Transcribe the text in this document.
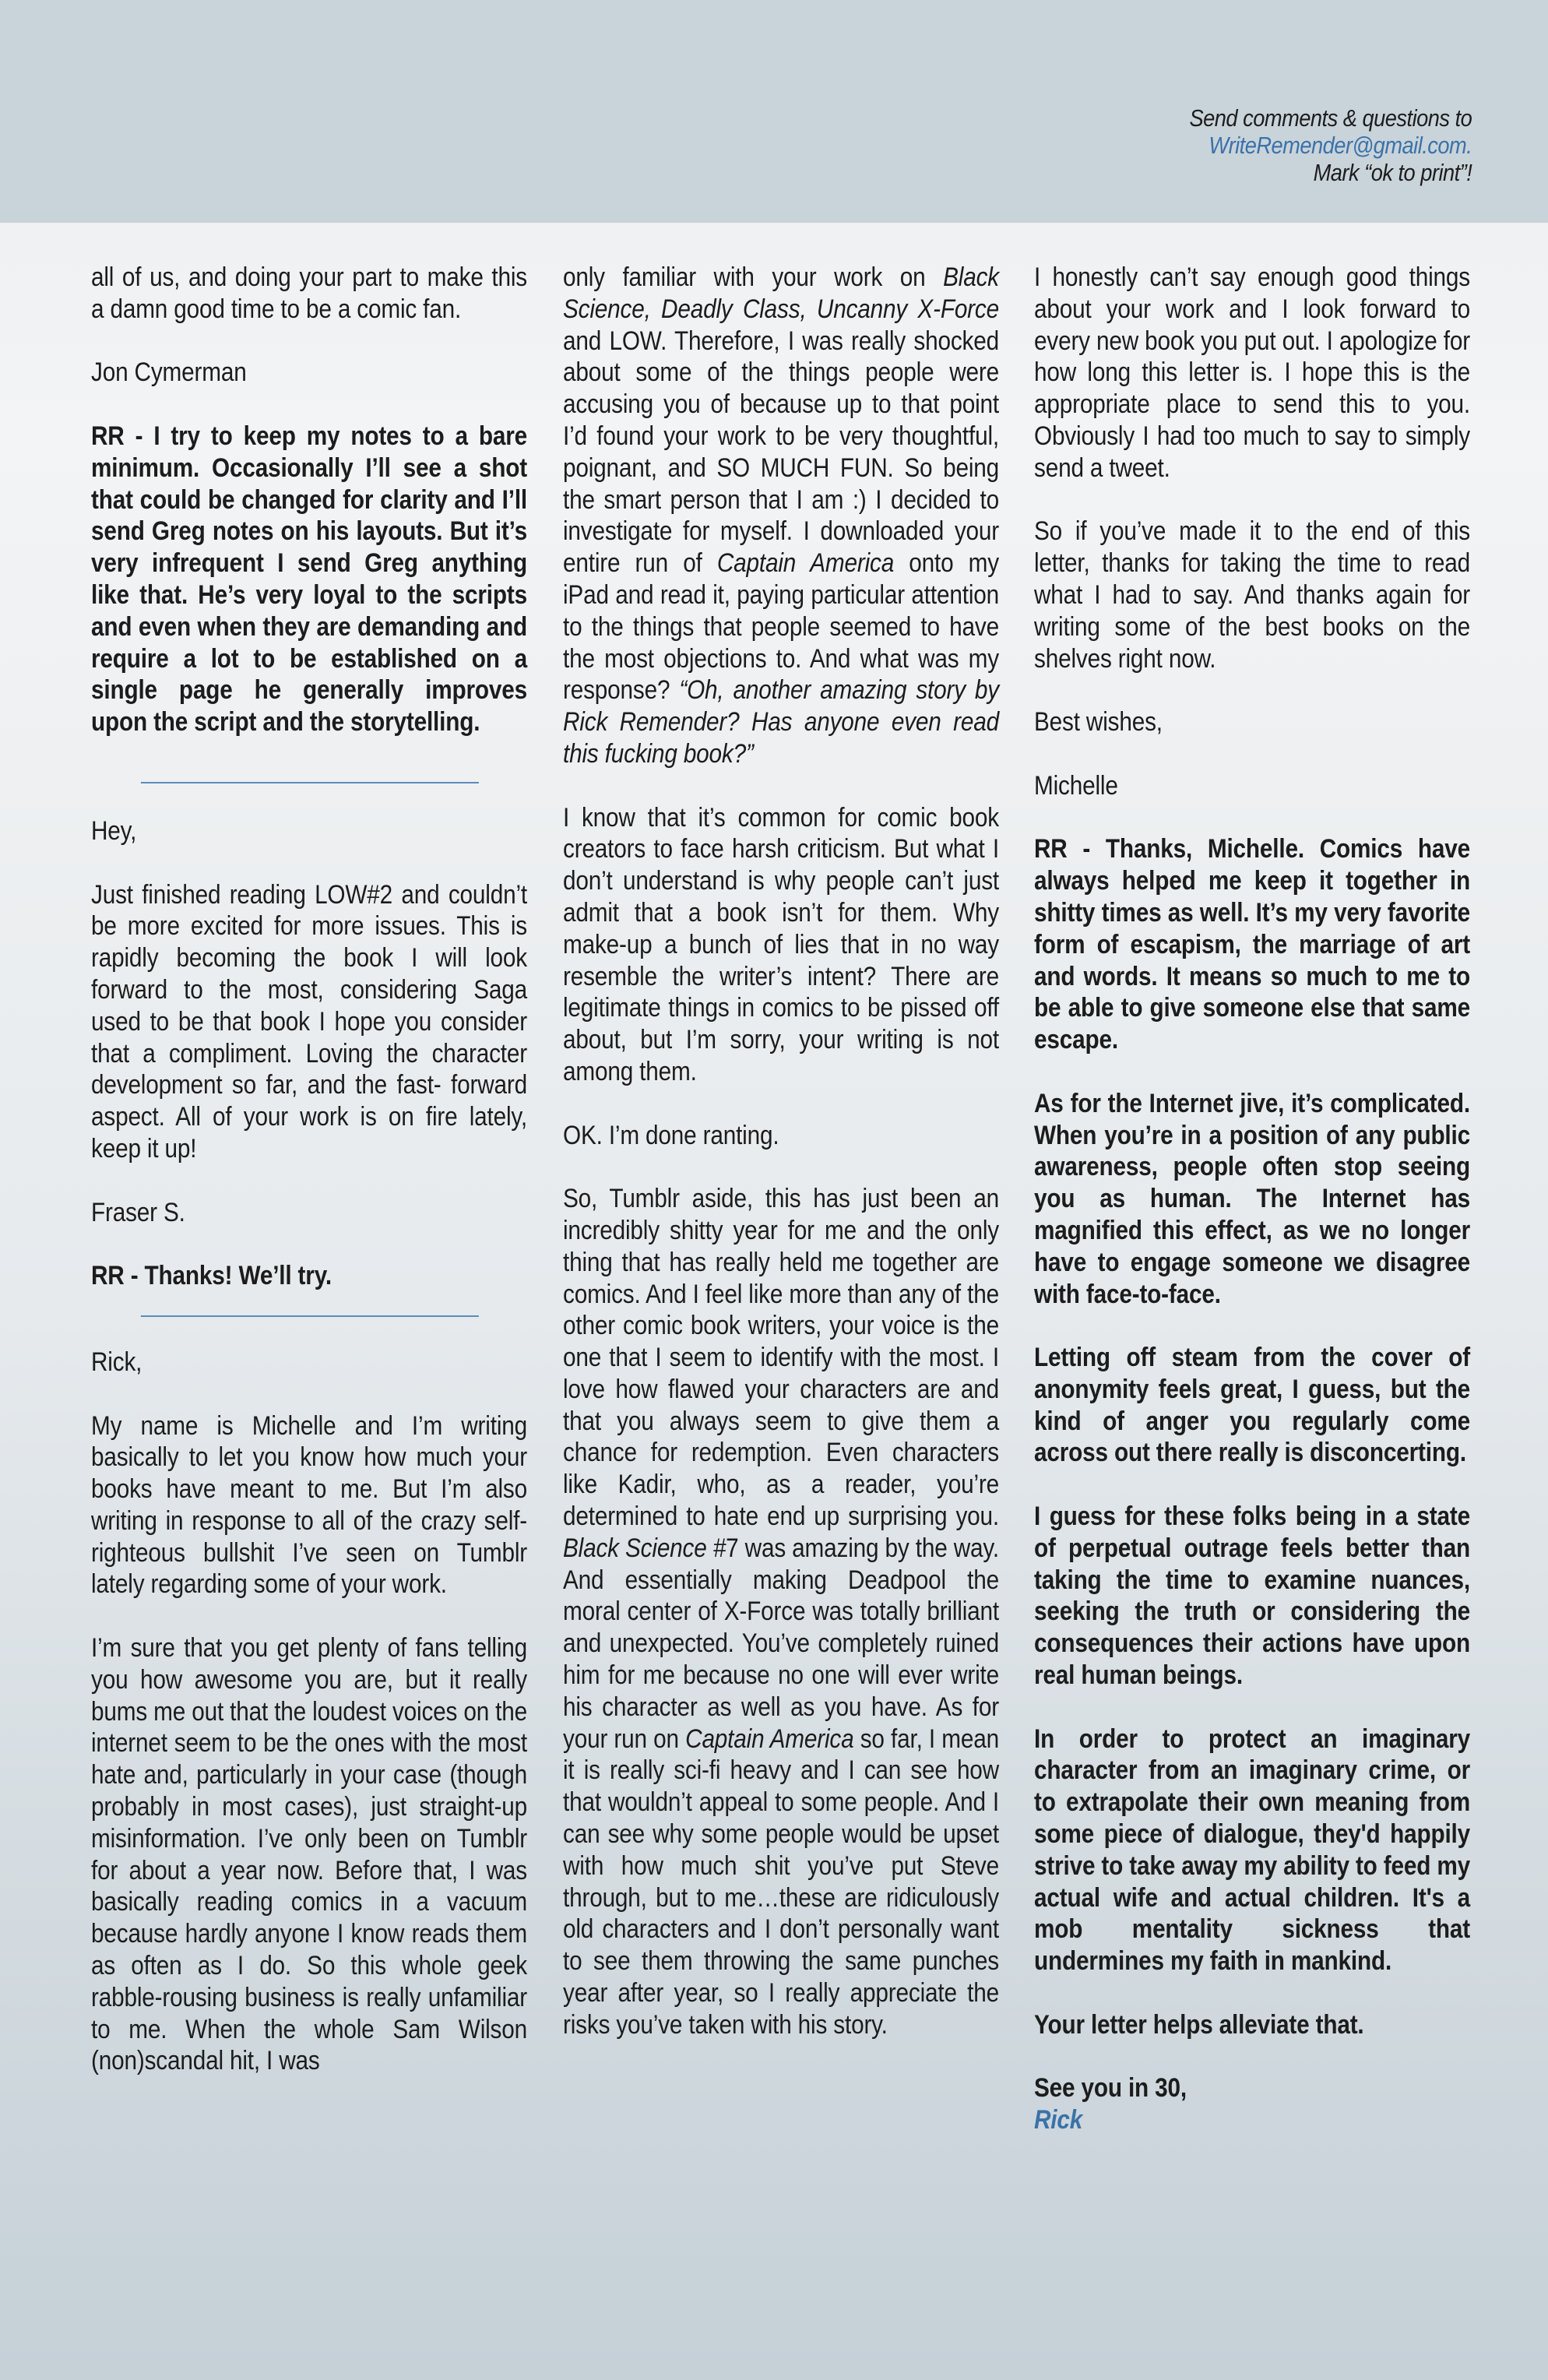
Send comments & questions to
WriteRemender@gmail.com.
Mark “ok to print”!

all of us, and doing your part to make this a damn good time to be a comic fan.

Jon Cymerman

RR - I try to keep my notes to a bare minimum. Occasionally I’ll see a shot that could be changed for clarity and I’ll send Greg notes on his layouts. But it’s very infrequent I send Greg anything like that. He’s very loyal to the scripts and even when they are demanding and require a lot to be established on a single page he generally improves upon the script and the storytelling.

Hey,

Just finished reading LOW#2 and couldn’t be more excited for more issues. This is rapidly becoming the book I will look forward to the most, considering Saga used to be that book I hope you consider that a compliment. Loving the character development so far, and the fast- forward aspect. All of your work is on fire lately, keep it up!

Fraser S.

RR - Thanks! We’ll try.

Rick,

My name is Michelle and I’m writing basically to let you know how much your books have meant to me. But I’m also writing in response to all of the crazy self-righteous bullshit I’ve seen on Tumblr lately regarding some of your work.

I’m sure that you get plenty of fans telling you how awesome you are, but it really bums me out that the loudest voices on the internet seem to be the ones with the most hate and, particularly in your case (though probably in most cases), just straight-up misinformation. I’ve only been on Tumblr for about a year now. Before that, I was basically reading comics in a vacuum because hardly anyone I know reads them as often as I do. So this whole geek rabble-rousing business is really unfamiliar to me. When the whole Sam Wilson (non)scandal hit, I was

only familiar with your work on Black Science, Deadly Class, Uncanny X-Force and LOW. Therefore, I was really shocked about some of the things people were accusing you of because up to that point I’d found your work to be very thoughtful, poignant, and SO MUCH FUN. So being the smart person that I am :) I decided to investigate for myself. I downloaded your entire run of Captain America onto my iPad and read it, paying particular attention to the things that people seemed to have the most objections to. And what was my response? “Oh, another amazing story by Rick Remender? Has anyone even read this fucking book?”

I know that it’s common for comic book creators to face harsh criticism. But what I don’t understand is why people can’t just admit that a book isn’t for them. Why make-up a bunch of lies that in no way resemble the writer’s intent? There are legitimate things in comics to be pissed off about, but I’m sorry, your writing is not among them.

OK. I’m done ranting.

So, Tumblr aside, this has just been an incredibly shitty year for me and the only thing that has really held me together are comics. And I feel like more than any of the other comic book writers, your voice is the one that I seem to identify with the most. I love how flawed your characters are and that you always seem to give them a chance for redemption. Even characters like Kadir, who, as a reader, you’re determined to hate end up surprising you. Black Science #7 was amazing by the way. And essentially making Deadpool the moral center of X-Force was totally brilliant and unexpected. You’ve completely ruined him for me because no one will ever write his character as well as you have. As for your run on Captain America so far, I mean it is really sci-fi heavy and I can see how that wouldn’t appeal to some people. And I can see why some people would be upset with how much shit you’ve put Steve through, but to me…these are ridiculously old characters and I don’t personally want to see them throwing the same punches year after year, so I really appreciate the risks you’ve taken with his story.

I honestly can’t say enough good things about your work and I look forward to every new book you put out. I apologize for how long this letter is. I hope this is the appropriate place to send this to you. Obviously I had too much to say to simply send a tweet.

So if you’ve made it to the end of this letter, thanks for taking the time to read what I had to say. And thanks again for writing some of the best books on the shelves right now.

Best wishes,

Michelle

RR - Thanks, Michelle. Comics have always helped me keep it together in shitty times as well. It’s my very favorite form of escapism, the marriage of art and words. It means so much to me to be able to give someone else that same escape.

As for the Internet jive, it’s complicated. When you’re in a position of any public awareness, people often stop seeing you as human. The Internet has magnified this effect, as we no longer have to engage someone we disagree with face-to-face.

Letting off steam from the cover of anonymity feels great, I guess, but the kind of anger you regularly come across out there really is disconcerting.

I guess for these folks being in a state of perpetual outrage feels better than taking the time to examine nuances, seeking the truth or considering the consequences their actions have upon real human beings.

In order to protect an imaginary character from an imaginary crime, or to extrapolate their own meaning from some piece of dialogue, they'd happily strive to take away my ability to feed my actual wife and actual children. It's a mob mentality sickness that undermines my faith in mankind.

Your letter helps alleviate that.

See you in 30,
Rick
